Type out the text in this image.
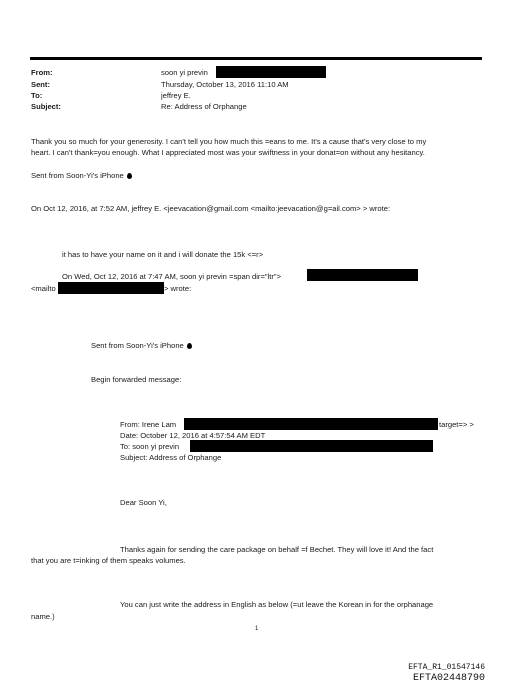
From:
Sent:
To:
Subject:
soon yi previn
Thursday, October 13, 2016 11:10 AM
jeffrey E.
Re: Address of Orphange
Thank you so much for your generosity. I can't tell you how much this =eans to me. It's a cause that's very close to my
heart. I can't thank=you enough. What I appreciated most was your swiftness in your donat=on without any hesitancy.
Sent from Soon-Yi's iPhone
On Oct 12, 2016, at 7:52 AM, jeffrey E. <jeevacation@gmail.com <mailto:jeevacation@g=ail.com> > wrote:
it has to have your name on it and i will donate the 15k <=r>
On Wed, Oct 12, 2016 at 7:47 AM, soon yi previn =span dir="ltr">
<mailto	> wrote:
Sent from Soon-Yi's iPhone
Begin forwarded message:
From: Irene Lam	target=> >
Date: October 12, 2016 at 4:57:54 AM EDT
To: soon yi previn
Subject: Address of Orphange
Dear Soon Yi,
Thanks again for sending the care package on behalf =f Bechet. They will love it! And the fact
that you are t=inking of them speaks volumes.
You can just write the address in English as below (=ut leave the Korean in for the orphanage
name.)
1
EFTA_R1_01547146
EFTA02448790
